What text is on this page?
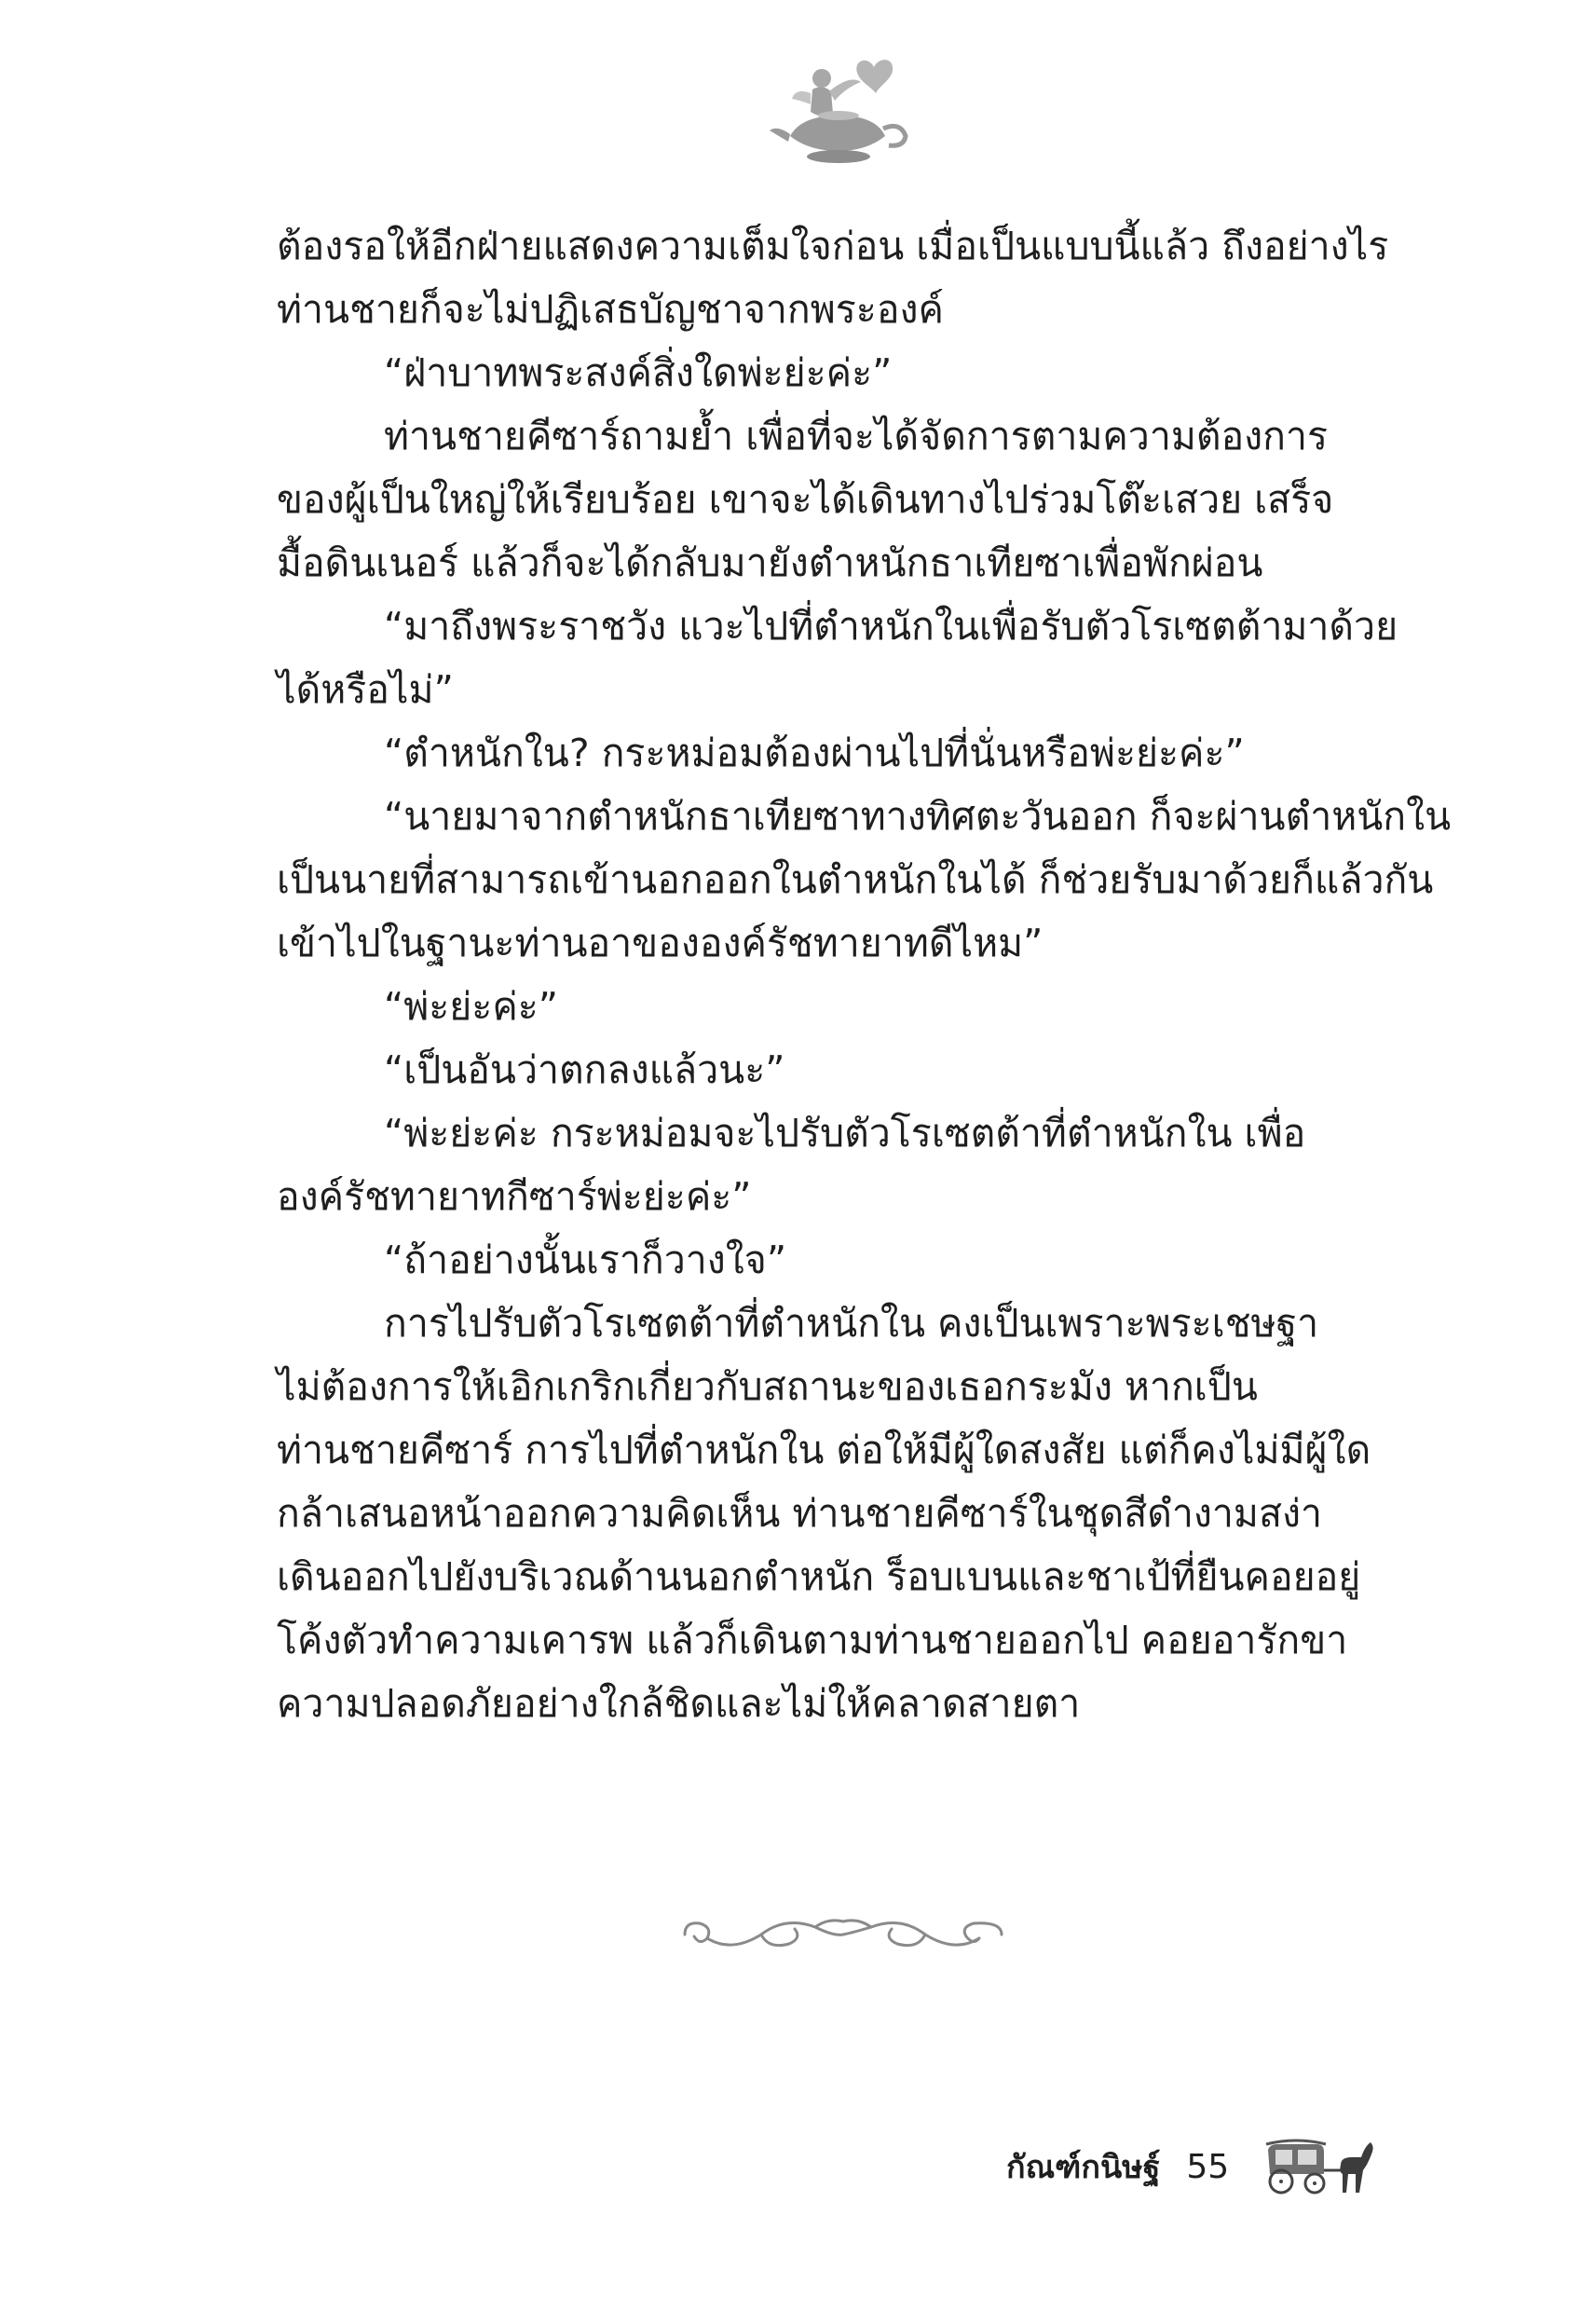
ต้องรอให้อีกฝ่ายแสดงความเต็มใจก่อน เมื่อเป็นแบบนี้แล้ว ถึงอย่างไร

ท่านชายก็จะไม่ปฏิเสธบัญชาจากพระองค์

“ฝ่าบาทพระสงค์สิ่งใดพ่ะย่ะค่ะ”

ท่านชายคีซาร์ถามย้ำ เพื่อที่จะได้จัดการตามความต้องการ

ของผู้เป็นใหญ่ให้เรียบร้อย เขาจะได้เดินทางไปร่วมโต๊ะเสวย เสร็จ

มื้อดินเนอร์ แล้วก็จะได้กลับมายังตำหนักธาเทียซาเพื่อพักผ่อน

“มาถึงพระราชวัง แวะไปที่ตำหนักในเพื่อรับตัวโรเซตต้ามาด้วย

ได้หรือไม่”

“ตำหนักใน? กระหม่อมต้องผ่านไปที่นั่นหรือพ่ะย่ะค่ะ”

“นายมาจากตำหนักธาเทียซาทางทิศตะวันออก ก็จะผ่านตำหนักใน

เป็นนายที่สามารถเข้านอกออกในตำหนักในได้ ก็ช่วยรับมาด้วยก็แล้วกัน

เข้าไปในฐานะท่านอาขององค์รัชทายาทดีไหม”

“พ่ะย่ะค่ะ”

“เป็นอันว่าตกลงแล้วนะ”

“พ่ะย่ะค่ะ กระหม่อมจะไปรับตัวโรเซตต้าที่ตำหนักใน เพื่อ

องค์รัชทายาทกีซาร์พ่ะย่ะค่ะ”

“ถ้าอย่างนั้นเราก็วางใจ”

การไปรับตัวโรเซตต้าที่ตำหนักใน คงเป็นเพราะพระเชษฐา

ไม่ต้องการให้เอิกเกริกเกี่ยวกับสถานะของเธอกระมัง หากเป็น

ท่านชายคีซาร์ การไปที่ตำหนักใน ต่อให้มีผู้ใดสงสัย แต่ก็คงไม่มีผู้ใด

กล้าเสนอหน้าออกความคิดเห็น ท่านชายคีซาร์ในชุดสีดำงามสง่า

เดินออกไปยังบริเวณด้านนอกตำหนัก ร็อบเบนและชาเป้ที่ยืนคอยอยู่

โค้งตัวทำความเคารพ แล้วก็เดินตามท่านชายออกไป คอยอารักขา

ความปลอดภัยอย่างใกล้ชิดและไม่ให้คลาดสายตา

กัณฑ์กนิษฐ์ 55
